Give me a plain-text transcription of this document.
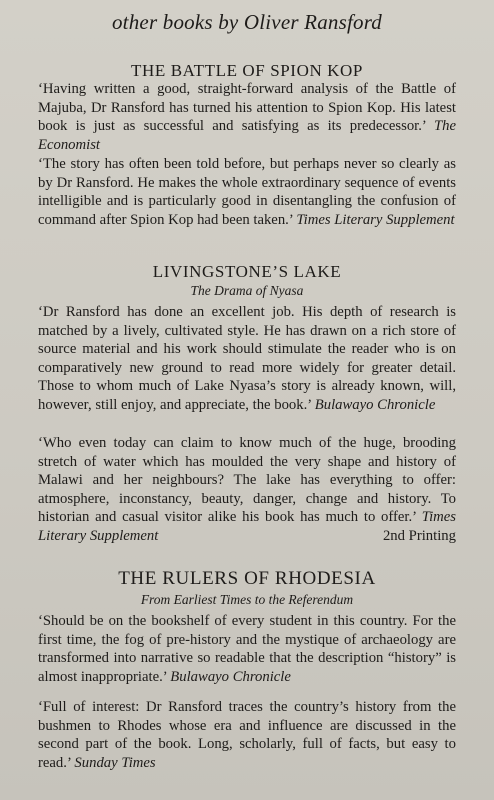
other books by Oliver Ransford
THE BATTLE OF SPION KOP

‘Having written a good, straight-forward analysis of the Battle of Majuba, Dr Ransford has turned his attention to Spion Kop. His latest book is just as successful and satisfying as its predecessor.’ The Economist

‘The story has often been told before, but perhaps never so clearly as by Dr Ransford. He makes the whole extraordinary sequence of events intelligible and is particularly good in disentangling the confusion of command after Spion Kop had been taken.’ Times Literary Supplement

LIVINGSTONE’S LAKE
The Drama of Nyasa

‘Dr Ransford has done an excellent job. His depth of research is matched by a lively, cultivated style. He has drawn on a rich store of source material and his work should stimulate the reader who is on comparatively new ground to read more widely for greater detail. Those to whom much of Lake Nyasa’s story is already known, will, however, still enjoy, and appreciate, the book.’ Bulawayo Chronicle

‘Who even today can claim to know much of the huge, brooding stretch of water which has moulded the very shape and history of Malawi and her neighbours? The lake has everything to offer: atmosphere, inconstancy, beauty, danger, change and history. To historian and casual visitor alike his book has much to offer.’ Times Literary Supplement	2nd Printing

THE RULERS OF RHODESIA
From Earliest Times to the Referendum

‘Should be on the bookshelf of every student in this country. For the first time, the fog of pre-history and the mystique of archaeology are transformed into narrative so readable that the description “history” is almost inappropriate.’ Bulawayo Chronicle

‘Full of interest: Dr Ransford traces the country’s history from the bushmen to Rhodes whose era and influence are discussed in the second part of the book. Long, scholarly, full of facts, but easy to read.’ Sunday Times
